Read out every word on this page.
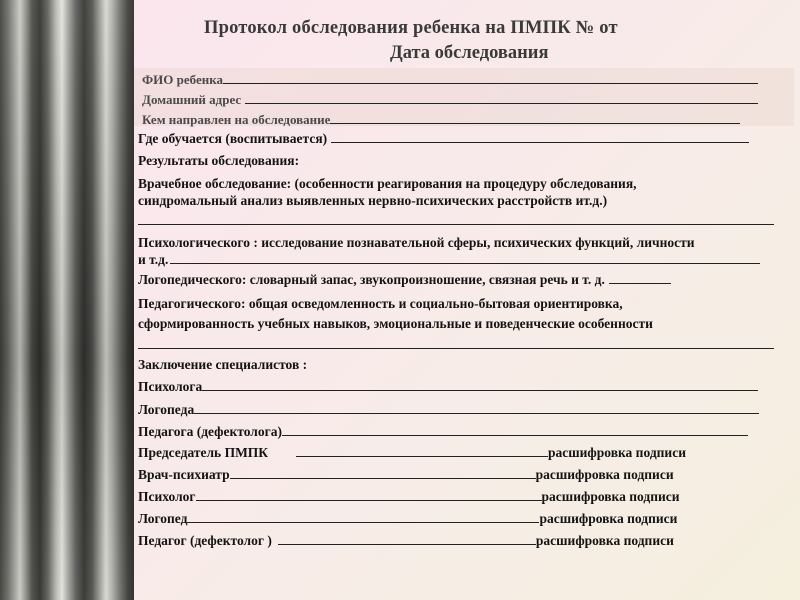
Протокол обследования ребенка на ПМПК № от
Дата обследования
ФИО ребенка
Домашний адрес
Кем направлен на обследование
Где обучается (воспитывается)
Результаты обследования:
Врачебное обследование: (особенности реагирования на процедуру обследования,
синдромальный анализ выявленных нервно-психических расстройств ит.д.)
Психологического : исследование познавательной сферы, психических функций, личности
и т.д.
Логопедического: словарный запас, звукопроизношение, связная речь и т. д.
Педагогического: общая осведомленность и социально-бытовая ориентировка,
сформированность учебных навыков, эмоциональные и поведенческие особенности
Заключение специалистов :
Психолога
Логопеда
Педагога (дефектолога)
Председатель ПМПК	расшифровка подписи
Врач-психиатр	расшифровка подписи
Психолог	расшифровка подписи
Логопед	расшифровка подписи
Педагог (дефектолог )	расшифровка подписи
